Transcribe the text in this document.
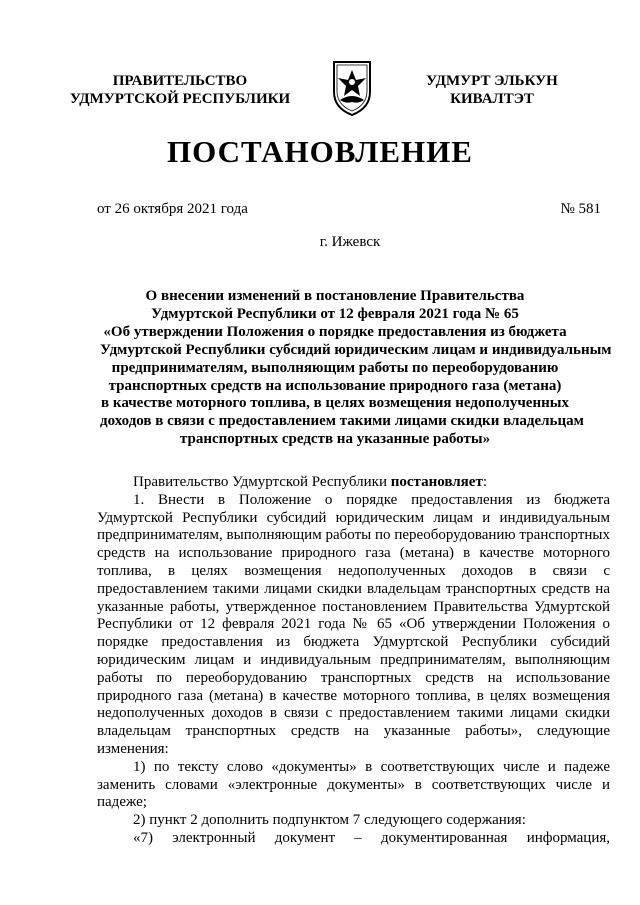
ПРАВИТЕЛЬСТВО
УДМУРТСКОЙ РЕСПУБЛИКИ
УДМУРТ ЭЛЬКУН
КИВАЛТЭТ
ПОСТАНОВЛЕНИЕ
от 26 октября 2021 года	№ 581
г. Ижевск
О внесении изменений в постановление Правительства
Удмуртской Республики от 12 февраля 2021 года № 65
«Об утверждении Положения о порядке предоставления из бюджета
Удмуртской Республики субсидий юридическим лицам и индивидуальным
предпринимателям, выполняющим работы по переоборудованию
транспортных средств на использование природного газа (метана)
в качестве моторного топлива, в целях возмещения недополученных
доходов в связи с предоставлением такими лицами скидки владельцам
транспортных средств на указанные работы»
Правительство Удмуртской Республики постановляет:
1. Внести в Положение о порядке предоставления из бюджета
Удмуртской Республики субсидий юридическим лицам и индивидуальным
предпринимателям, выполняющим работы по переоборудованию транспортных
средств на использование природного газа (метана) в качестве моторного
топлива, в целях возмещения недополученных доходов в связи с
предоставлением такими лицами скидки владельцам транспортных средств на
указанные работы, утвержденное постановлением Правительства Удмуртской
Республики от 12 февраля 2021 года № 65 «Об утверждении Положения о
порядке предоставления из бюджета Удмуртской Республики субсидий
юридическим лицам и индивидуальным предпринимателям, выполняющим
работы по переоборудованию транспортных средств на использование
природного газа (метана) в качестве моторного топлива, в целях возмещения
недополученных доходов в связи с предоставлением такими лицами скидки
владельцам транспортных средств на указанные работы», следующие
изменения:
1) по тексту слово «документы» в соответствующих числе и падеже
заменить словами «электронные документы» в соответствующих числе и
падеже;
2) пункт 2 дополнить подпунктом 7 следующего содержания:
«7) электронный документ – документированная информация,
